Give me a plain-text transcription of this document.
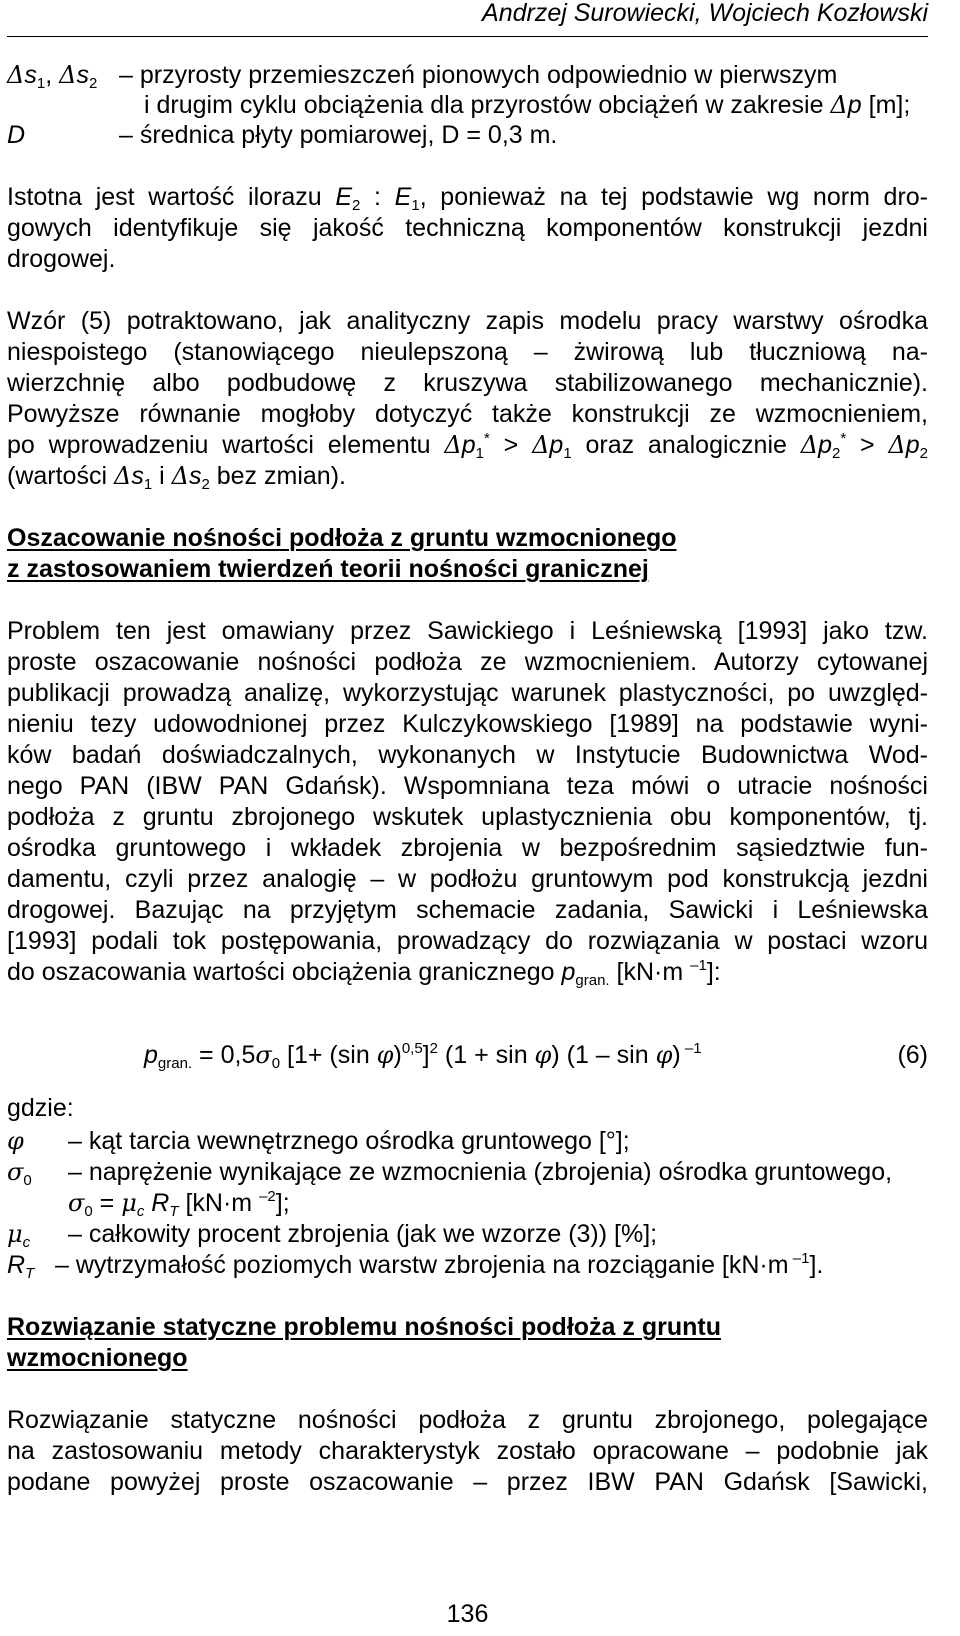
Andrzej Surowiecki, Wojciech Kozłowski
$\Delta s_1$, $\Delta s_2$ – przyrosty przemieszczeń pionowych odpowiednio w pierwszym
i drugim cyklu obciążenia dla przyrostów obciążeń w zakresie Δp [m];
D	– średnica płyty pomiarowej, D = 0,3 m.
Istotna jest wartość ilorazu $E_2$ : $E_1$, ponieważ na tej podstawie wg norm dro-
gowych identyfikuje się jakość techniczną komponentów konstrukcji jezdni
drogowej.
Wzór (5) potraktowano, jak analityczny zapis modelu pracy warstwy ośrodka
niespoistego (stanowiącego nieulepszoną – żwirową lub tłuczniową na-
wierzchnię albo podbudowę z kruszywa stabilizowanego mechanicznie).
Powyższe równanie mogłoby dotyczyć także konstrukcji ze wzmocnieniem,
po wprowadzeniu wartości elementu $\Delta p_1^* > \Delta p_1$ oraz analogicznie $\Delta p_2^* > \Delta p_2$
(wartości $\Delta s_1$ i $\Delta s_2$ bez zmian).
Oszacowanie nośności podłoża z gruntu wzmocnionego
z zastosowaniem twierdzeń teorii nośności granicznej
Problem ten jest omawiany przez Sawickiego i Leśniewską [1993] jako tzw.
proste oszacowanie nośności podłoża ze wzmocnieniem. Autorzy cytowanej
publikacji prowadzą analizę, wykorzystując warunek plastyczności, po uwzględ-
nieniu tezy udowodnionej przez Kulczykowskiego [1989] na podstawie wyni-
ków badań doświadczalnych, wykonanych w Instytucie Budownictwa Wod-
nego PAN (IBW PAN Gdańsk). Wspomniana teza mówi o utracie nośności
podłoża z gruntu zbrojonego wskutek uplastycznienia obu komponentów, tj.
ośrodka gruntowego i wkładek zbrojenia w bezpośrednim sąsiedztwie fun-
damentu, czyli przez analogię – w podłożu gruntowym pod konstrukcją jezdni
drogowej. Bazując na przyjętym schemacie zadania, Sawicki i Leśniewska
[1993] podali tok postępowania, prowadzący do rozwiązania w postaci wzoru
do oszacowania wartości obciążenia granicznego $p_{gran.}$ [kN·m $^{-1}$]:
$p_{gran.} = 0,5\sigma_0$ [1+ (sin φ)$^{0,5}$]$^2$ (1 + sin φ) (1 – sin φ) $^{-1}$	(6)
gdzie:
φ – kąt tarcia wewnętrznego ośrodka gruntowego [°];
$\sigma_0$ – naprężenie wynikające ze wzmocnienia (zbrojenia) ośrodka gruntowego,
$\sigma_0 = \mu_c$ $R_T$ [kN·m $^{-2}$];
$\mu_c$ – całkowity procent zbrojenia (jak we wzorze (3)) [%];
$R_T$ – wytrzymałość poziomych warstw zbrojenia na rozciąganie [kN·m $^{-1}$].
Rozwiązanie statyczne problemu nośności podłoża z gruntu
wzmocnionego
Rozwiązanie statyczne nośności podłoża z gruntu zbrojonego, polegające
na zastosowaniu metody charakterystyk zostało opracowane – podobnie jak
podane powyżej proste oszacowanie – przez IBW PAN Gdańsk [Sawicki,
136
